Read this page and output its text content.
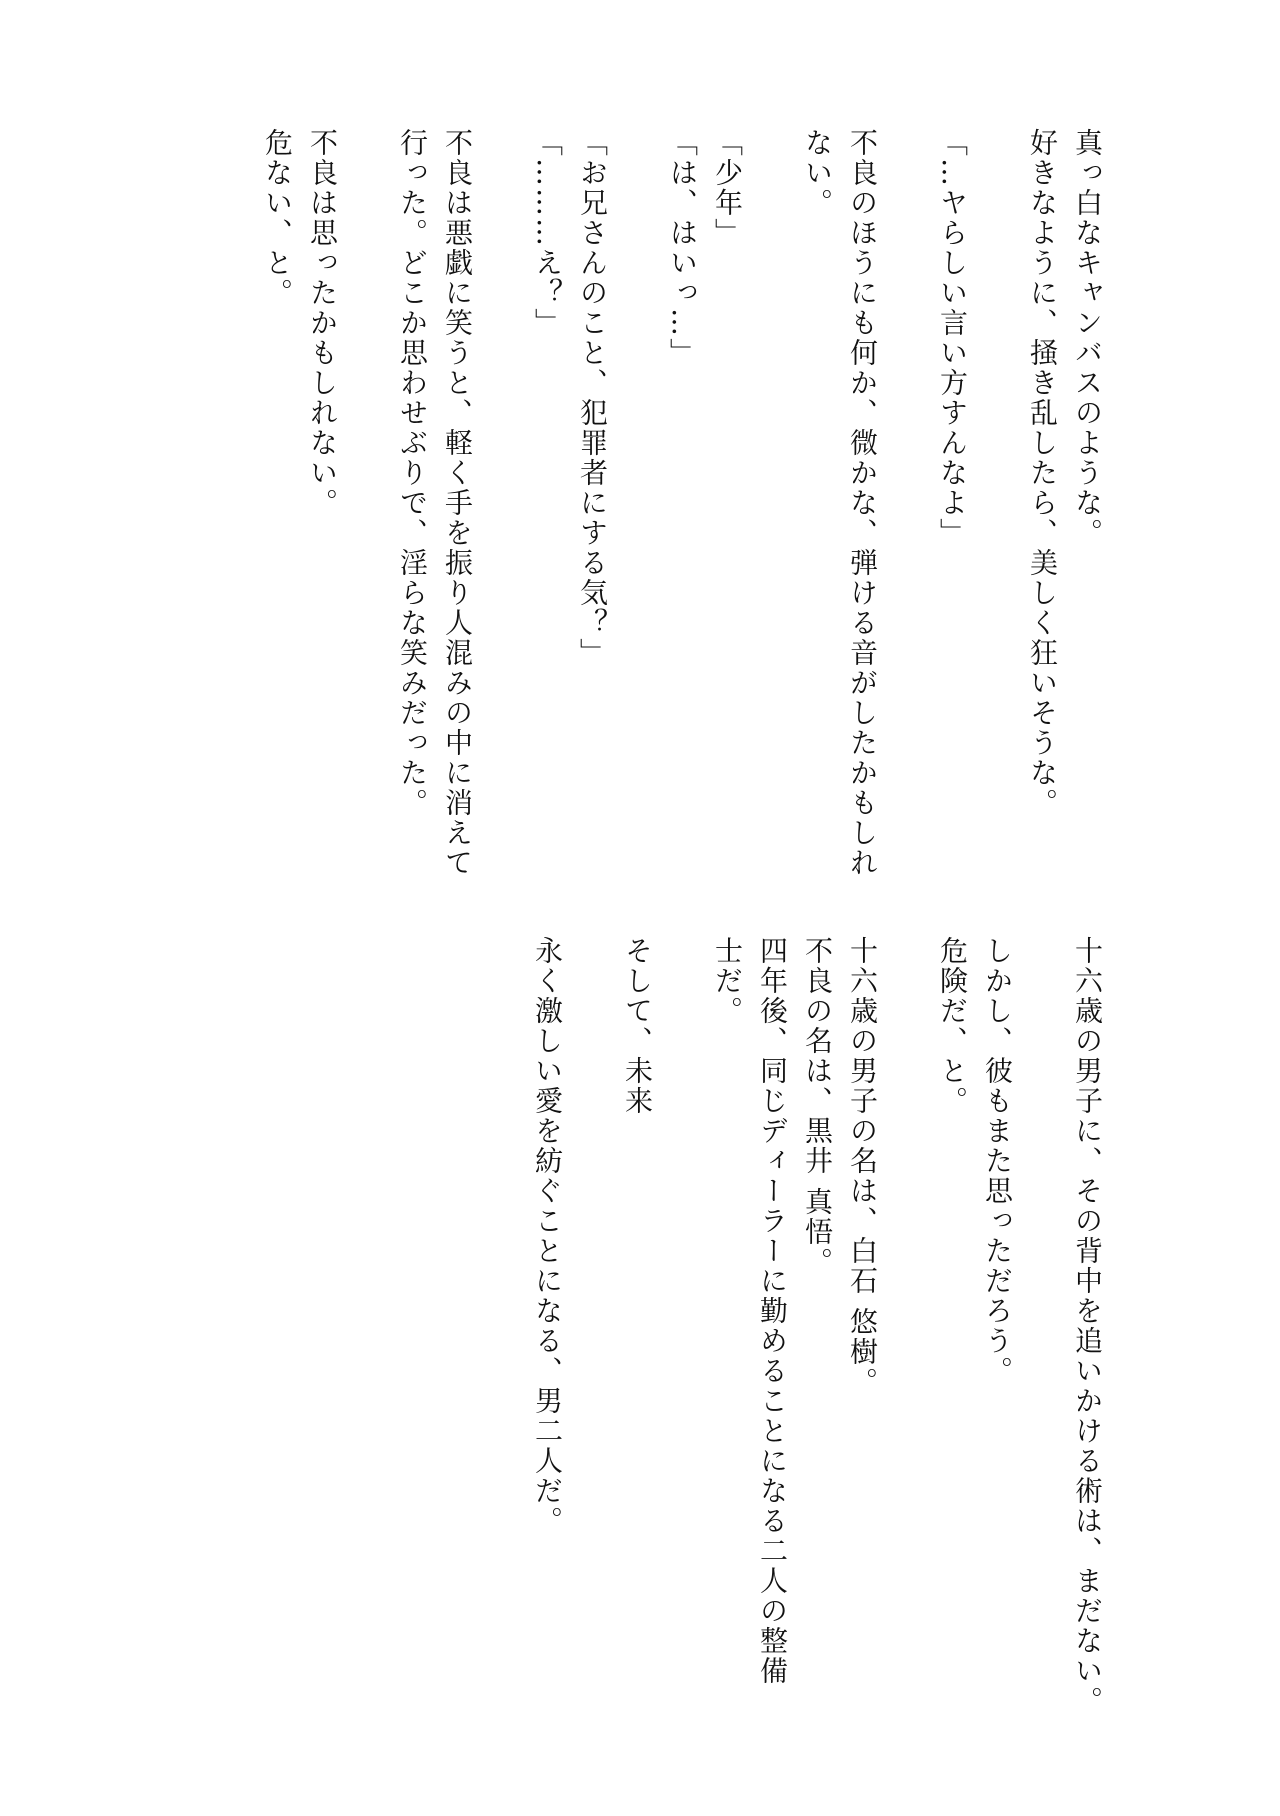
真っ白なキャンバスのような。
好きなように、掻き乱したら、美しく狂いそうな。
「…ヤらしい言い方すんなよ」
不良のほうにも何か、微かな、弾ける音がしたかもしれ
ない。
「少年」
「は、はいっ…」
「お兄さんのこと、犯罪者にする気？」
「………え？」
不良は悪戯に笑うと、軽く手を振り人混みの中に消えて
行った。どこか思わせぶりで、淫らな笑みだった。
不良は思ったかもしれない。
危ない、と。
十六歳の男子に、その背中を追いかける術は、まだない。
しかし、彼もまた思っただろう。
危険だ、と。
十六歳の男子の名は、白石 悠樹。
不良の名は、黒井 真悟。
四年後、同じディーラーに勤めることになる二人の整備
士だ。
そして、未来
永く激しい愛を紡ぐことになる、男二人だ。
